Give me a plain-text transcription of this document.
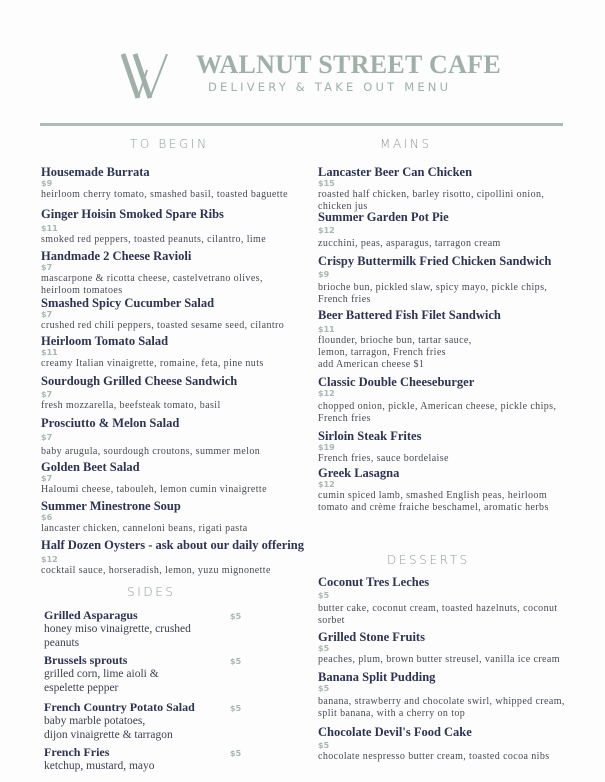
WALNUT STREET CAFE
DELIVERY & TAKE OUT MENU
TO BEGIN	MAINS
SIDES
DESSERTS
Housemade Burrata
$9
heirloom cherry tomato, smashed basil, toasted baguette
Ginger Hoisin Smoked Spare Ribs
$11
smoked red peppers, toasted peanuts, cilantro, lime
Handmade 2 Cheese Ravioli
$7
mascarpone & ricotta cheese, castelvetrano olives,
heirloom tomatoes
Smashed Spicy Cucumber Salad
$7
crushed red chili peppers, toasted sesame seed, cilantro
Heirloom Tomato Salad
$11
creamy Italian vinaigrette, romaine, feta, pine nuts
Sourdough Grilled Cheese Sandwich
$7
fresh mozzarella, beefsteak tomato, basil
Prosciutto & Melon Salad
$7
baby arugula, sourdough croutons, summer melon
Golden Beet Salad
$7
Haloumi cheese, tabouleh, lemon cumin vinaigrette
Summer Minestrone Soup
$6
lancaster chicken, canneloni beans, rigati pasta
Half Dozen Oysters - ask about our daily offering
$12
cocktail sauce, horseradish, lemon, yuzu mignonette
Lancaster Beer Can Chicken
$15
roasted half chicken, barley risotto, cipollini onion,
chicken jus
Summer Garden Pot Pie
$12
zucchini, peas, asparagus, tarragon cream
Crispy Buttermilk Fried Chicken Sandwich
$9
brioche bun, pickled slaw, spicy mayo, pickle chips,
French fries
Beer Battered Fish Filet Sandwich
$11
flounder, brioche bun, tartar sauce,
lemon, tarragon, French fries
add American cheese $1
Classic Double Cheeseburger
$12
chopped onion, pickle, American cheese, pickle chips,
French fries
Sirloin Steak Frites
$19
French fries, sauce bordelaise
Greek Lasagna
$12
cumin spiced lamb, smashed English peas, heirloom
tomato and crème fraiche beschamel, aromatic herbs
Coconut Tres Leches
$5
butter cake, coconut cream, toasted hazelnuts, coconut
sorbet
Grilled Stone Fruits
$5
peaches, plum, brown butter streusel, vanilla ice cream
Banana Split Pudding
$5
banana, strawberry and chocolate swirl, whipped cream,
split banana, with a cherry on top
Chocolate Devil's Food Cake
$5
chocolate nespresso butter cream, toasted cocoa nibs
Grilled Asparagus
honey miso vinaigrette, crushed
peanuts
$5
Brussels sprouts
grilled corn, lime aioli &
espelette pepper
$5
French Country Potato Salad
baby marble potatoes,
dijon vinaigrette & tarragon
$5
French Fries
ketchup, mustard, mayo
$5
